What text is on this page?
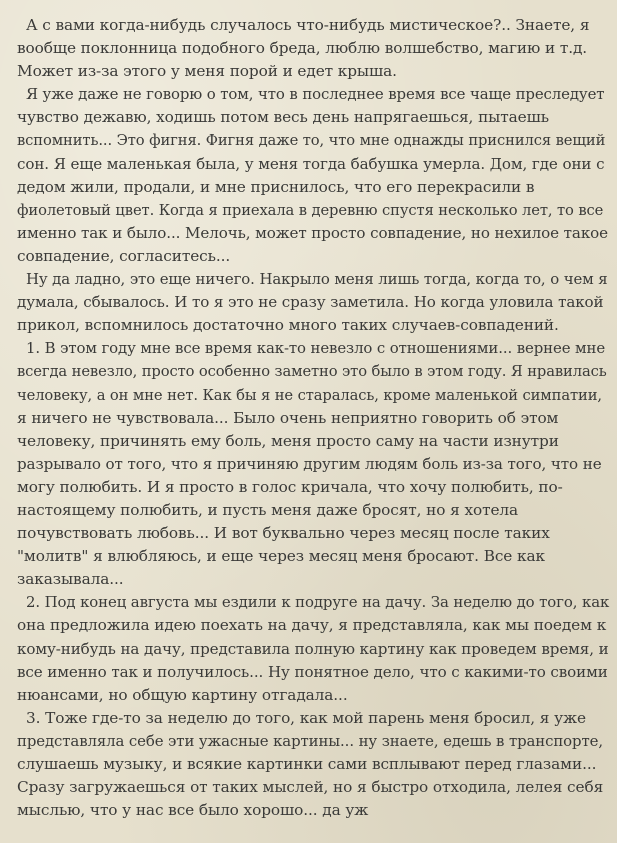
А с вами когда-нибудь случалось что-нибудь мистическое?.. Знаете, я
вообще поклонница подобного бреда, люблю волшебство, магию и т.д.
Может из-за этого у меня порой и едет крыша.
Я уже даже не говорю о том, что в последнее время все чаще преследует
чувство дежавю, ходишь потом весь день напрягаешься, пытаешь
вспомнить... Это фигня. Фигня даже то, что мне однажды приснился вещий
сон. Я еще маленькая была, у меня тогда бабушка умерла. Дом, где они с
дедом жили, продали, и мне приснилось, что его перекрасили в
фиолетовый цвет. Когда я приехала в деревню спустя несколько лет, то все
именно так и было... Мелочь, может просто совпадение, но нехилое такое
совпадение, согласитесь...
Ну да ладно, это еще ничего. Накрыло меня лишь тогда, когда то, о чем я
думала, сбывалось. И то я это не сразу заметила. Но когда уловила такой
прикол, вспомнилось достаточно много таких случаев-совпадений.
1. В этом году мне все время как-то невезло с отношениями... вернее мне
всегда невезло, просто особенно заметно это было в этом году. Я нравилась
человеку, а он мне нет. Как бы я не старалась, кроме маленькой симпатии,
я ничего не чувствовала... Было очень неприятно говорить об этом
человеку, причинять ему боль, меня просто саму на части изнутри
разрывало от того, что я причиняю другим людям боль из-за того, что не
могу полюбить. И я просто в голос кричала, что хочу полюбить, по-
настоящему полюбить, и пусть меня даже бросят, но я хотела
почувствовать любовь... И вот буквально через месяц после таких
"молитв" я влюбляюсь, и еще через месяц меня бросают. Все как
заказывала...
2. Под конец августа мы ездили к подруге на дачу. За неделю до того, как
она предложила идею поехать на дачу, я представляла, как мы поедем к
кому-нибудь на дачу, представила полную картину как проведем время, и
все именно так и получилось... Ну понятное дело, что с какими-то своими
нюансами, но общую картину отгадала...
3. Тоже где-то за неделю до того, как мой парень меня бросил, я уже
представляла себе эти ужасные картины... ну знаете, едешь в транспорте,
слушаешь музыку, и всякие картинки сами всплывают перед глазами...
Сразу загружаешься от таких мыслей, но я быстро отходила, лелея себя
мыслью, что у нас все было хорошо... да уж
